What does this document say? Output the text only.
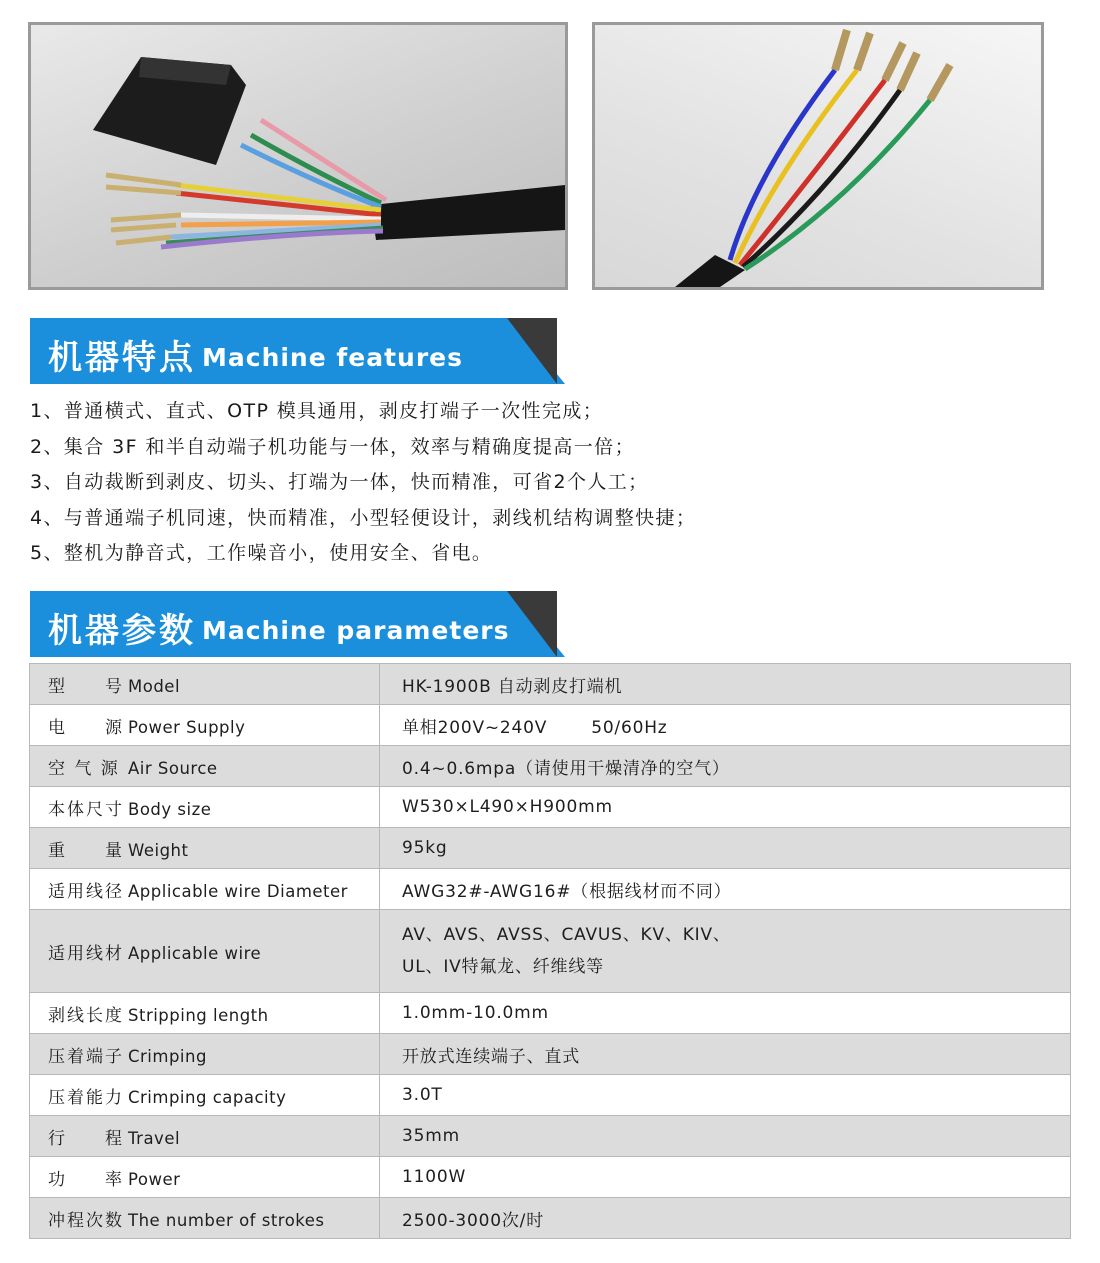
机器特点 Machine features
1、普通横式、直式、OTP 模具通用，剥皮打端子一次性完成；
2、集合 3F 和半自动端子机功能与一体，效率与精确度提高一倍；
3、自动裁断到剥皮、切头、打端为一体，快而精准，可省2个人工；
4、与普通端子机同速，快而精准，小型轻便设计，剥线机结构调整快捷；
5、整机为静音式，工作噪音小，使用安全、省电。
机器参数 Machine parameters
型　　号 Model	HK-1900B 自动剥皮打端机
电　　源 Power Supply	单相200V~240V 50/60Hz
空 气 源 Air Source	0.4~0.6mpa（请使用干燥清净的空气）
本体尺寸 Body size	W530×L490×H900mm
重　　量 Weight	95kg
适用线径 Applicable wire Diameter	AWG32#-AWG16#（根据线材而不同）
适用线材 Applicable wire	AV、AVS、AVSS、CAVUS、KV、KIV、
UL、IV特氟龙、纤维线等

剥线长度 Stripping length	1.0mm-10.0mm
压着端子 Crimping	开放式连续端子、直式
压着能力 Crimping capacity	3.0T
行　　程 Travel	35mm
功　　率 Power	1100W
冲程次数 The number of strokes	2500-3000次/时
